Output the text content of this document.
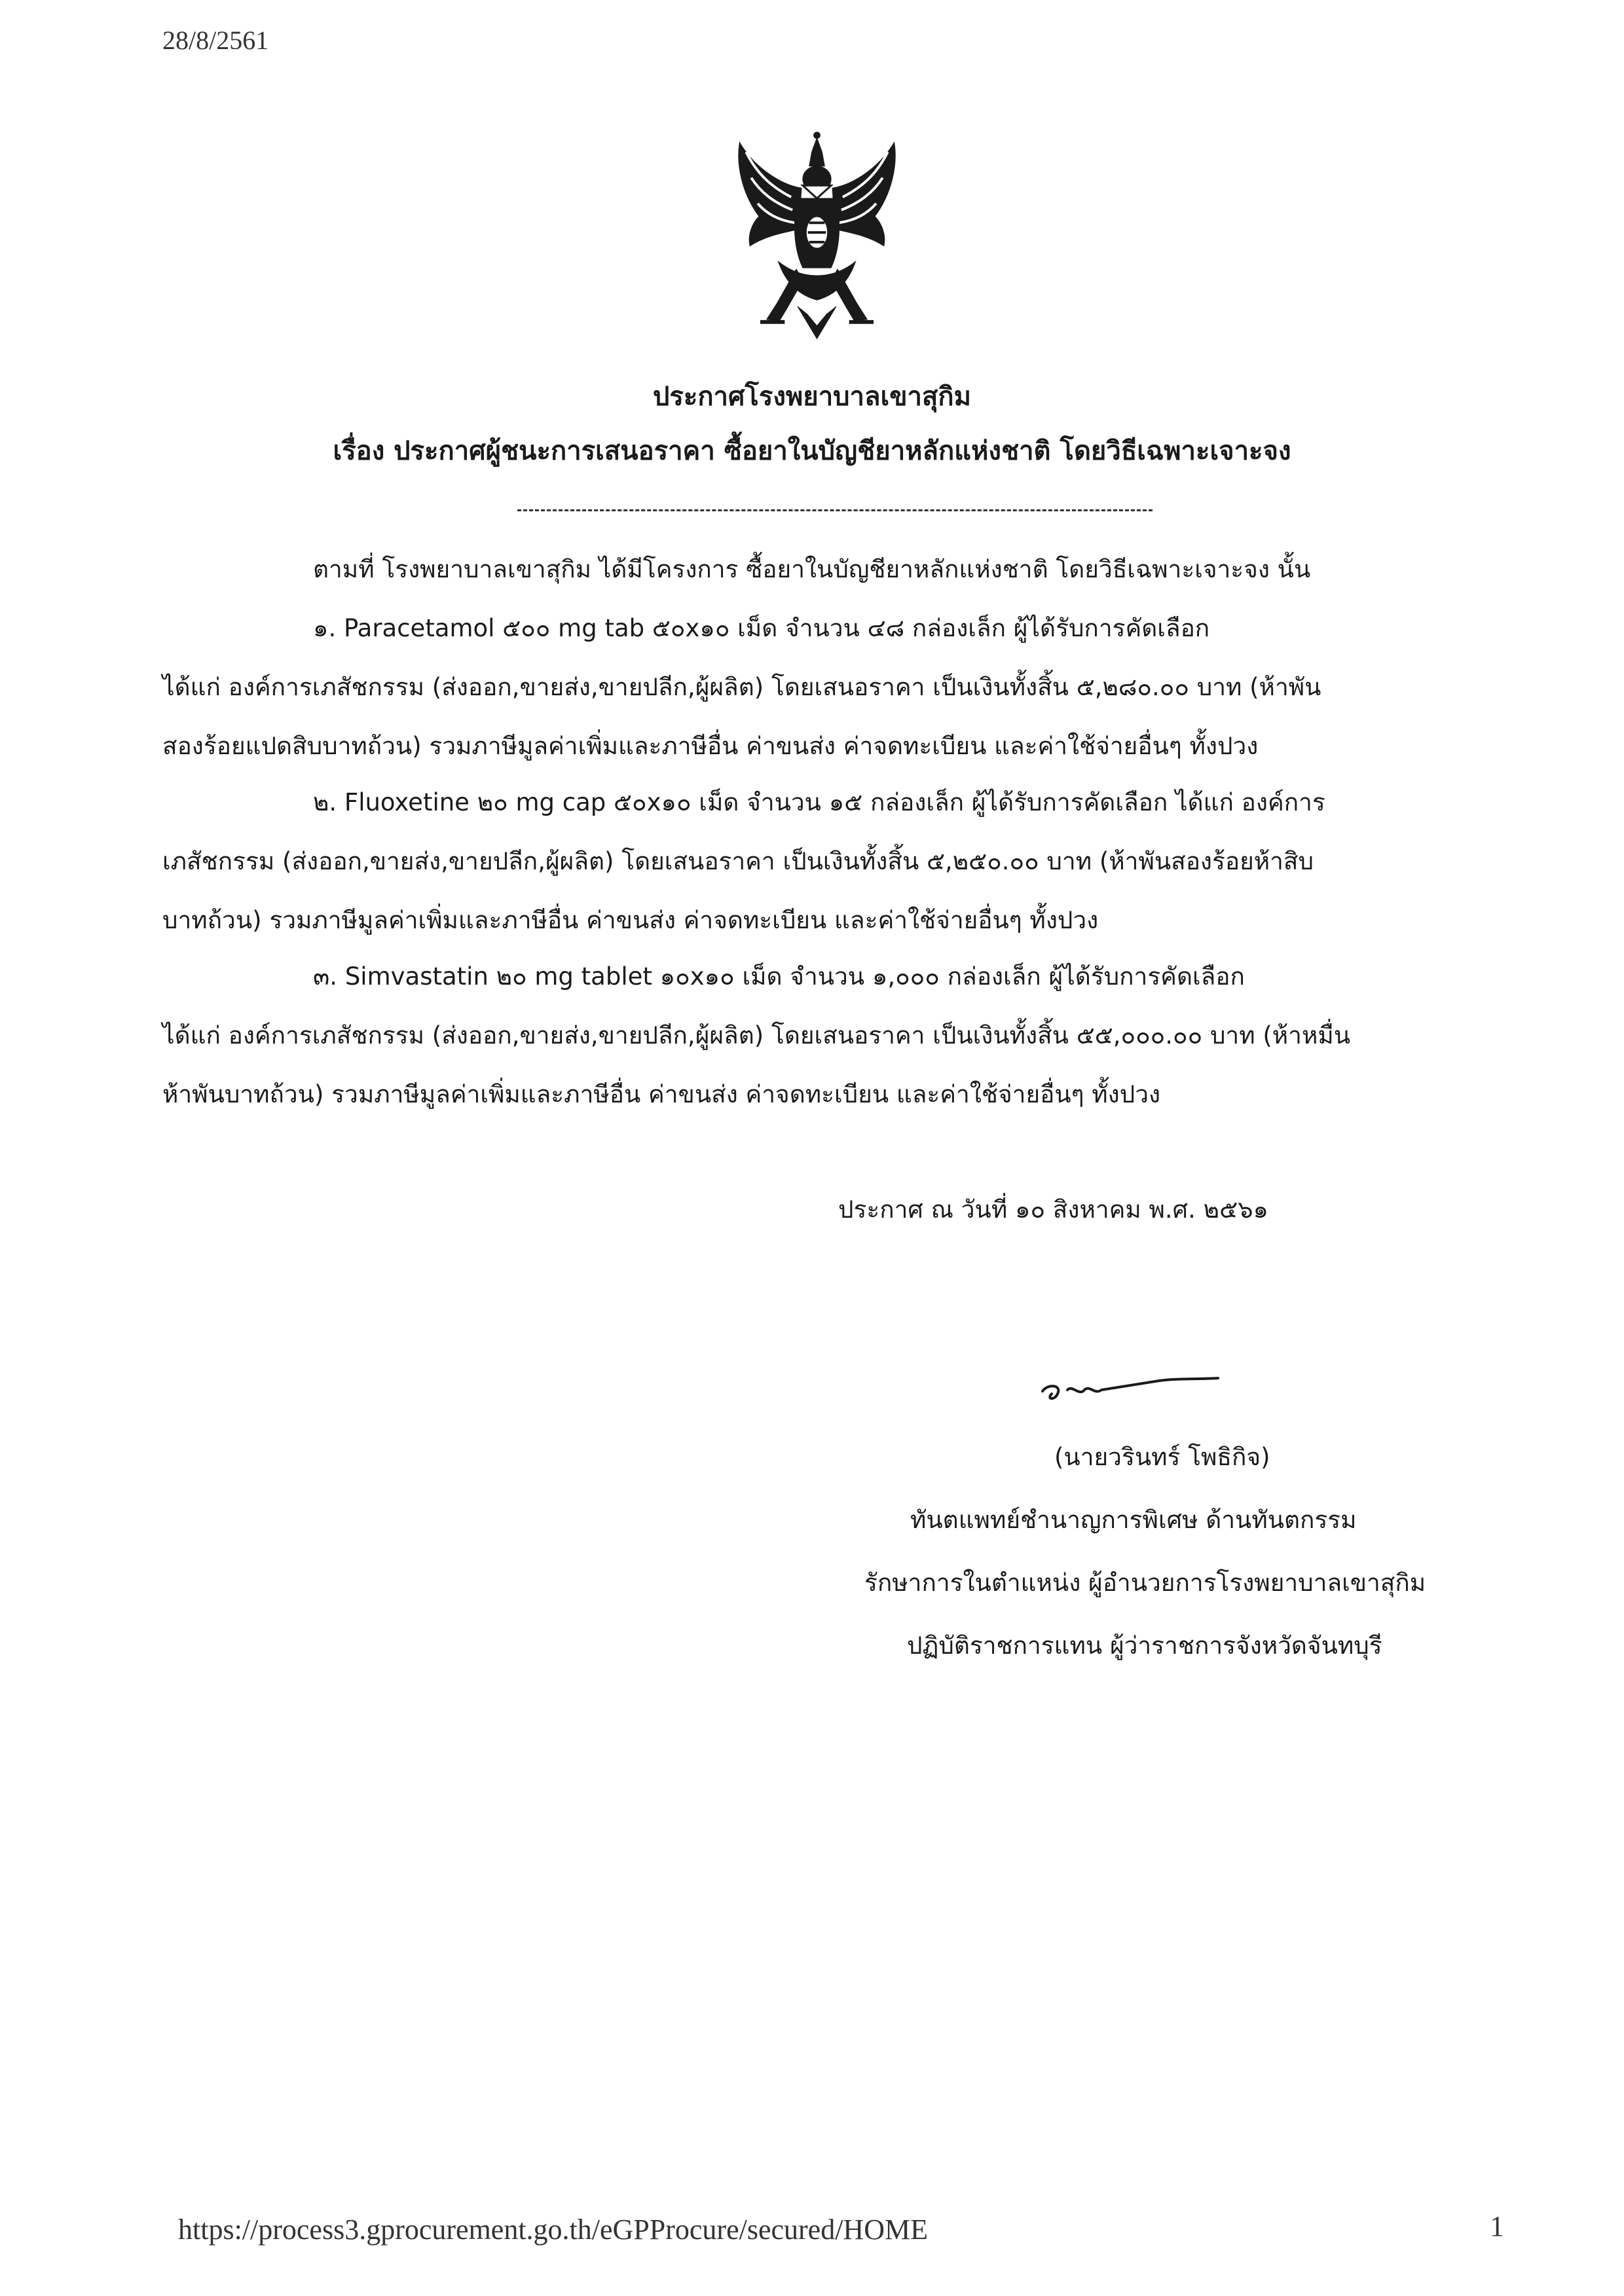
28/8/2561
ประกาศโรงพยาบาลเขาสุกิม
เรื่อง ประกาศผู้ชนะการเสนอราคา ซื้อยาในบัญชียาหลักแห่งชาติ โดยวิธีเฉพาะเจาะจง
ตามที่ โรงพยาบาลเขาสุกิม ได้มีโครงการ ซื้อยาในบัญชียาหลักแห่งชาติ โดยวิธีเฉพาะเจาะจง นั้น
๑. Paracetamol ๕๐๐ mg tab ๕๐x๑๐ เม็ด จำนวน ๔๘ กล่องเล็ก ผู้ได้รับการคัดเลือก
ได้แก่ องค์การเภสัชกรรม (ส่งออก,ขายส่ง,ขายปลีก,ผู้ผลิต) โดยเสนอราคา เป็นเงินทั้งสิ้น ๕,๒๘๐.๐๐ บาท (ห้าพัน
สองร้อยแปดสิบบาทถ้วน) รวมภาษีมูลค่าเพิ่มและภาษีอื่น ค่าขนส่ง ค่าจดทะเบียน และค่าใช้จ่ายอื่นๆ ทั้งปวง
๒. Fluoxetine ๒๐ mg cap ๕๐x๑๐ เม็ด จำนวน ๑๕ กล่องเล็ก ผู้ได้รับการคัดเลือก ได้แก่ องค์การ
เภสัชกรรม (ส่งออก,ขายส่ง,ขายปลีก,ผู้ผลิต) โดยเสนอราคา เป็นเงินทั้งสิ้น ๕,๒๕๐.๐๐ บาท (ห้าพันสองร้อยห้าสิบ
บาทถ้วน) รวมภาษีมูลค่าเพิ่มและภาษีอื่น ค่าขนส่ง ค่าจดทะเบียน และค่าใช้จ่ายอื่นๆ ทั้งปวง
๓. Simvastatin ๒๐ mg tablet ๑๐x๑๐ เม็ด จำนวน ๑,๐๐๐ กล่องเล็ก ผู้ได้รับการคัดเลือก
ได้แก่ องค์การเภสัชกรรม (ส่งออก,ขายส่ง,ขายปลีก,ผู้ผลิต) โดยเสนอราคา เป็นเงินทั้งสิ้น ๕๕,๐๐๐.๐๐ บาท (ห้าหมื่น
ห้าพันบาทถ้วน) รวมภาษีมูลค่าเพิ่มและภาษีอื่น ค่าขนส่ง ค่าจดทะเบียน และค่าใช้จ่ายอื่นๆ ทั้งปวง
ประกาศ ณ วันที่ ๑๐ สิงหาคม พ.ศ. ๒๕๖๑
(นายวรินทร์ โพธิกิจ)
ทันตแพทย์ชำนาญการพิเศษ ด้านทันตกรรม
รักษาการในตำแหน่ง ผู้อำนวยการโรงพยาบาลเขาสุกิม
ปฏิบัติราชการแทน ผู้ว่าราชการจังหวัดจันทบุรี
https://process3.gprocurement.go.th/eGPProcure/secured/HOME	1
